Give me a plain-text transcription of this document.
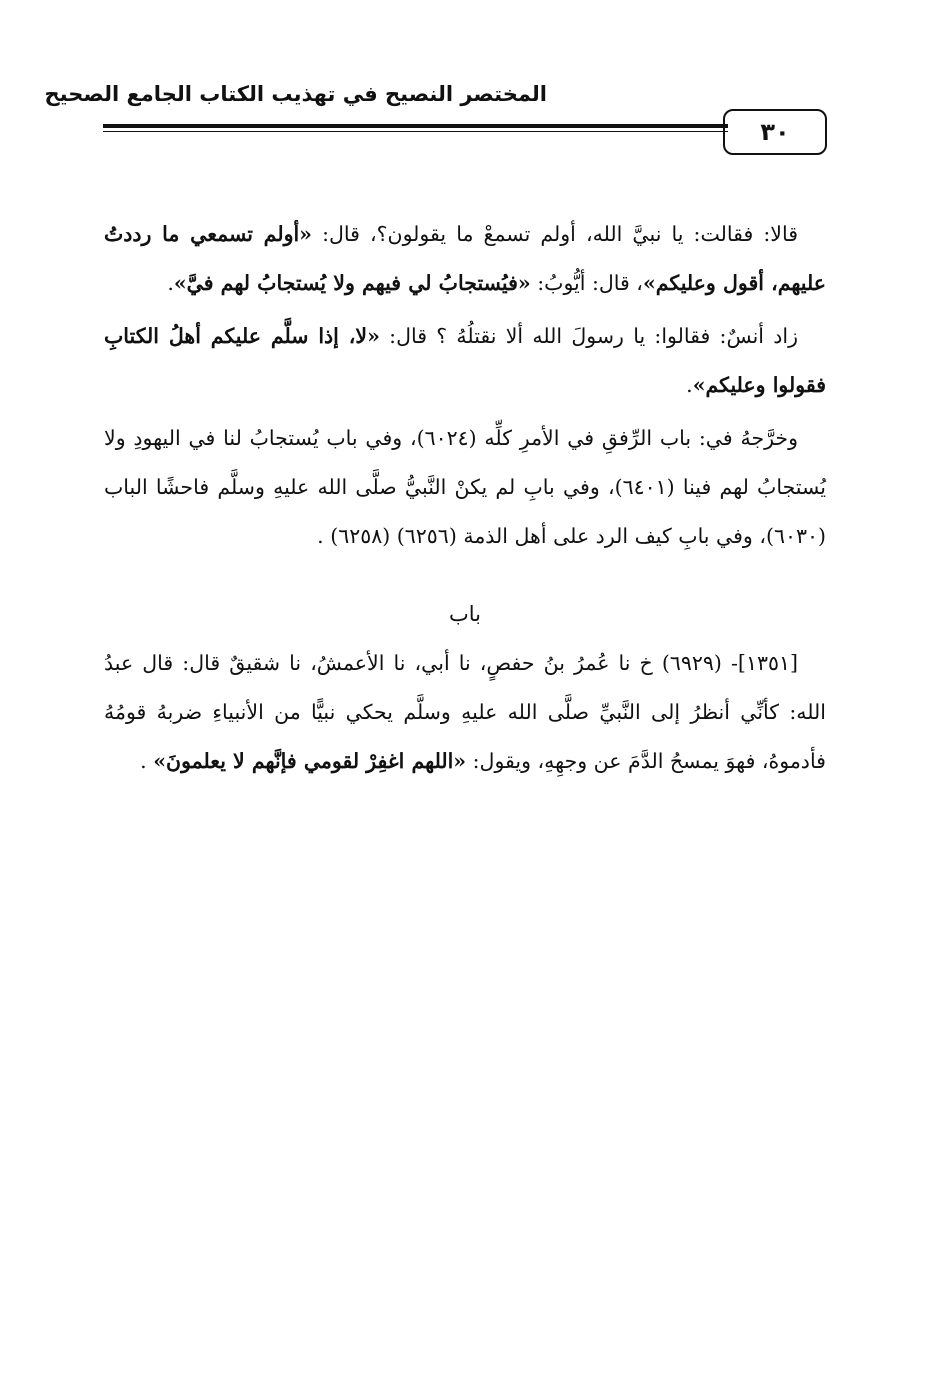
المختصر النصيح في تهذيب الكتاب الجامع الصحيح
٣٠

قالا: فقالت: يا نبيَّ الله، أولم تسمعْ ما يقولون؟، قال: «أولم تسمعي ما رددتُ عليهم، أقول وعليكم»، قال: أيُّوبُ: «فيُستجابُ لي فيهم ولا يُستجابُ لهم فيَّ».

زاد أنسٌ: فقالوا: يا رسولَ الله ألا نقتلُهُ ؟ قال: «لا، إذا سلَّم عليكم أهلُ الكتابِ فقولوا وعليكم».

وخرَّجهُ في: باب الرِّفقِ في الأمرِ كلِّه (٦٠٢٤)، وفي باب يُستجابُ لنا في اليهودِ ولا يُستجابُ لهم فينا (٦٤٠١)، وفي بابِ لم يكنْ النَّبيُّ صلَّى الله عليهِ وسلَّم فاحشًا الباب (٦٠٣٠)، وفي بابِ كيف الرد على أهل الذمة (٦٢٥٦) (٦٢٥٨) .

باب

[١٣٥١]- (٦٩٢٩) خ نا عُمرُ بنُ حفصٍ، نا أبي، نا الأعمشُ، نا شقيقٌ قال: قال عبدُ الله: كأنِّي أنظرُ إلى النَّبيِّ صلَّى الله عليهِ وسلَّم يحكي نبيًّا من الأنبياءِ ضربهُ قومُهُ فأدموهُ، فهوَ يمسحُ الدَّمَ عن وجهِهِ، ويقول: «اللهم اغفِرْ لقومي فإنَّهم لا يعلمونَ» .
